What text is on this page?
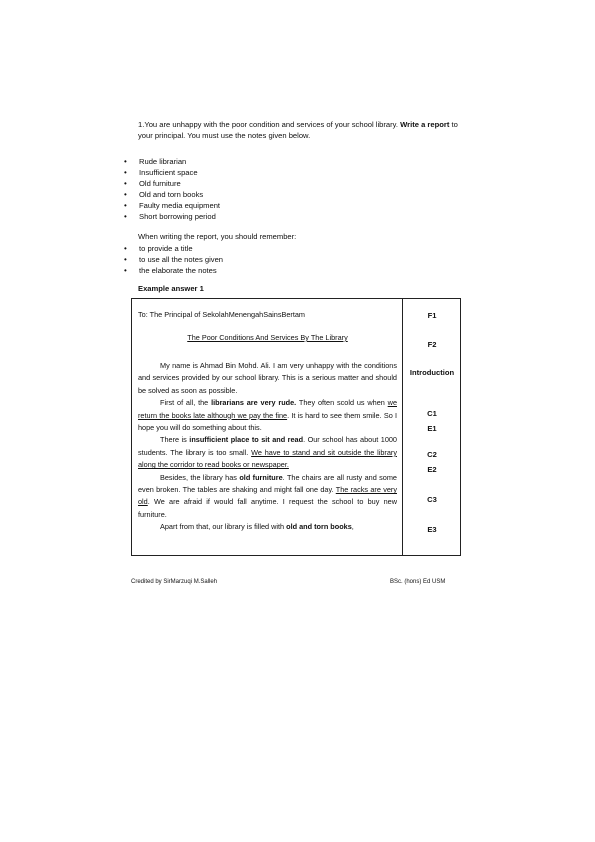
1.You are unhappy with the poor condition and services of your school library. Write a report to your principal. You must use the notes given below.
• Rude librarian
• Insufficient space
• Old furniture
• Old and torn books
• Faulty media equipment
• Short borrowing period
When writing the report, you should remember:
• to provide a title
• to use all the notes given
• the elaborate the notes
Example answer 1
To: The Principal of SekolahMenengahSainsBertam
The Poor Conditions And Services By The Library

My name is Ahmad Bin Mohd. Ali. I am very unhappy with the conditions and services provided by our school library. This is a serious matter and should be solved as soon as possible.

First of all, the librarians are very rude. They often scold us when we return the books late although we pay the fine. It is hard to see them smile. So I hope you will do something about this.

There is insufficient place to sit and read. Our school has about 1000 students. The library is too small. We have to stand and sit outside the library along the corridor to read books or newspaper.

Besides, the library has old furniture. The chairs are all rusty and some even broken. The tables are shaking and might fall one day. The racks are very old. We are afraid if would fall anytime. I request the school to buy new furniture.

Apart from that, our library is filled with old and torn books,

F1
F2
Introduction
C1
E1
C2
E2
C3
E3
Credited by SirMarzuqi M.Salleh	BSc. (hons) Ed USM
